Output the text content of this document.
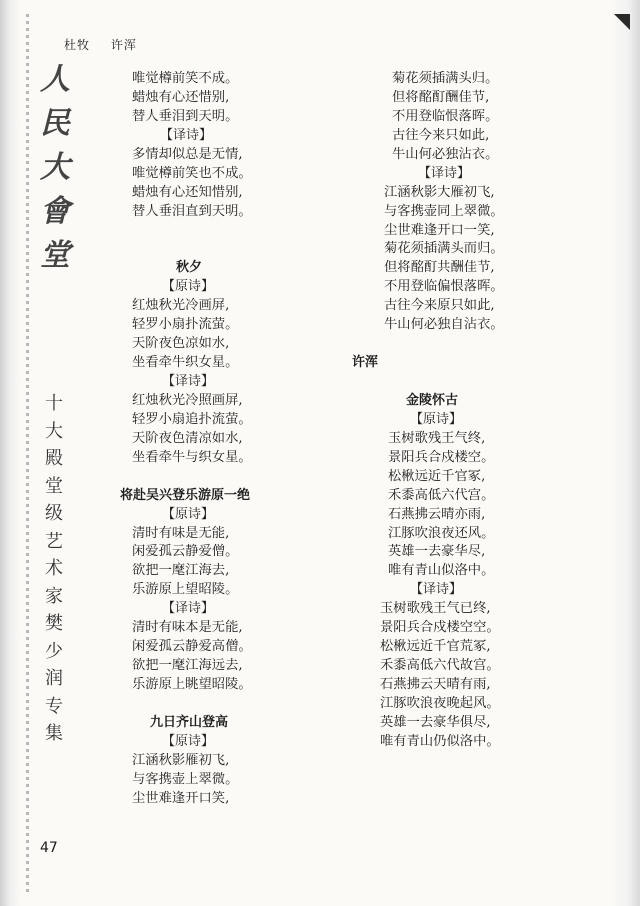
杜牧 许浑
人
民
大
會
堂
十
大
殿
堂
级
艺
术
家
樊
少
润
专
集
唯觉樽前笑不成。
蜡烛有心还惜别,
替人垂泪到天明。
【译诗】
多情却似总是无情,
唯觉樽前笑也不成。
蜡烛有心还知惜别,
替人垂泪直到天明。
秋夕
【原诗】
红烛秋光冷画屏,
轻罗小扇扑流萤。
天阶夜色凉如水,
坐看牵牛织女星。
【译诗】
红烛秋光冷照画屏,
轻罗小扇追扑流萤。
天阶夜色清凉如水,
坐看牵牛与织女星。
将赴吴兴登乐游原一绝
【原诗】
清时有味是无能,
闲爱孤云静爱僧。
欲把一麾江海去,
乐游原上望昭陵。
【译诗】
清时有味本是无能,
闲爱孤云静爱高僧。
欲把一麾江海远去,
乐游原上眺望昭陵。
九日齐山登高
【原诗】
江涵秋影雁初飞,
与客携壶上翠微。
尘世难逢开口笑,
菊花须插满头归。
但将酩酊酬佳节,
不用登临恨落晖。
古往今来只如此,
牛山何必独沾衣。
【译诗】
江涵秋影大雁初飞,
与客携壶同上翠微。
尘世难逢开口一笑,
菊花须插满头而归。
但将酩酊共酬佳节,
不用登临偏恨落晖。
古往今来原只如此,
牛山何必独自沾衣。
许浑
金陵怀古
【原诗】
玉树歌残王气终,
景阳兵合戍楼空。
松楸远近千官冢,
禾黍高低六代宫。
石燕拂云晴亦雨,
江豚吹浪夜还风。
英雄一去豪华尽,
唯有青山似洛中。
【译诗】
玉树歌残王气已终,
景阳兵合戍楼空空。
松楸远近千官荒冢,
禾黍高低六代故宫。
石燕拂云天晴有雨,
江豚吹浪夜晚起风。
英雄一去豪华俱尽,
唯有青山仍似洛中。
47
